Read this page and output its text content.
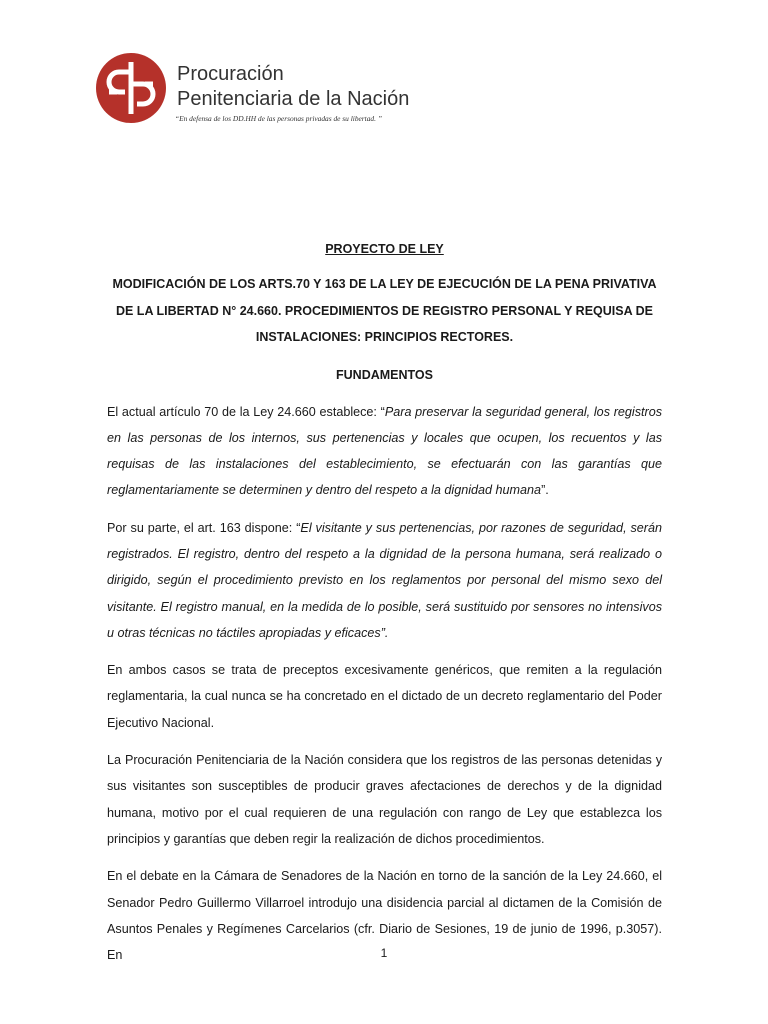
Procuración
Penitenciaria de la Nación
“En defensa de los DD.HH de las personas privadas de su libertad. ”
PROYECTO DE LEY
MODIFICACIÓN DE LOS ARTS.70 Y 163 DE LA LEY DE EJECUCIÓN DE LA PENA PRIVATIVA DE LA LIBERTAD N° 24.660. PROCEDIMIENTOS DE REGISTRO PERSONAL Y REQUISA DE INSTALACIONES: PRINCIPIOS RECTORES.
FUNDAMENTOS

El actual artículo 70 de la Ley 24.660 establece: “Para preservar la seguridad general, los registros en las personas de los internos, sus pertenencias y locales que ocupen, los recuentos y las requisas de las instalaciones del establecimiento, se efectuarán con las garantías que reglamentariamente se determinen y dentro del respeto a la dignidad humana”.

Por su parte, el art. 163 dispone: “El visitante y sus pertenencias, por razones de seguridad, serán registrados. El registro, dentro del respeto a la dignidad de la persona humana, será realizado o dirigido, según el procedimiento previsto en los reglamentos por personal del mismo sexo del visitante. El registro manual, en la medida de lo posible, será sustituido por sensores no intensivos u otras técnicas no táctiles apropiadas y eficaces”.

En ambos casos se trata de preceptos excesivamente genéricos, que remiten a la regulación reglamentaria, la cual nunca se ha concretado en el dictado de un decreto reglamentario del Poder Ejecutivo Nacional.

La Procuración Penitenciaria de la Nación considera que los registros de las personas detenidas y sus visitantes son susceptibles de producir graves afectaciones de derechos y de la dignidad humana, motivo por el cual requieren de una regulación con rango de Ley que establezca los principios y garantías que deben regir la realización de dichos procedimientos.

En el debate en la Cámara de Senadores de la Nación en torno de la sanción de la Ley 24.660, el Senador Pedro Guillermo Villarroel introdujo una disidencia parcial al dictamen de la Comisión de Asuntos Penales y Regímenes Carcelarios (cfr. Diario de Sesiones, 19 de junio de 1996, p.3057). En	1
